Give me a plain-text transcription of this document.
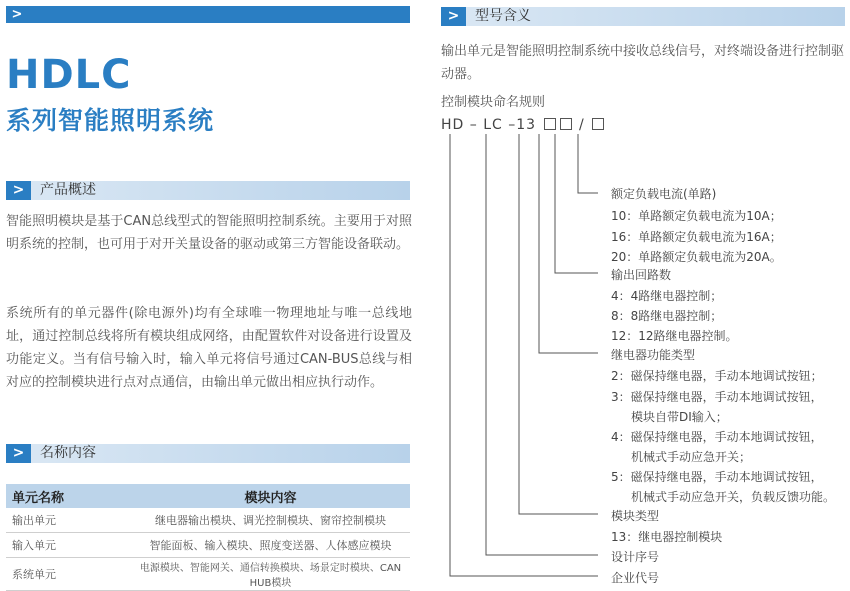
>
HDLC
系列智能照明系统
>	产品概述
智能照明模块是基于CAN总线型式的智能照明控制系统。主要用于对照明系统的控制，也可用于对开关量设备的驱动或第三方智能设备联动。
系统所有的单元器件(除电源外)均有全球唯一物理地址与唯一总线地址，通过控制总线将所有模块组成网络，由配置软件对设备进行设置及功能定义。当有信号输入时，输入单元将信号通过CAN-BUS总线与相对应的控制模块进行点对点通信，由输出单元做出相应执行动作。
>	名称内容
单元名称	模块内容
输出单元	继电器输出模块、调光控制模块、窗帘控制模块
输入单元	智能面板、输入模块、照度变送器、人体感应模块
系统单元	电源模块、智能网关、通信转换模块、场景定时模块、CAN HUB模块
>	型号含义
输出单元是智能照明控制系统中接收总线信号，对终端设备进行控制驱动器。
控制模块命名规则
HD – LC –13	/
额定负载电流(单路)
10：单路额定负载电流为10A；
16：单路额定负载电流为16A；
20：单路额定负载电流为20A。
输出回路数
4：4路继电器控制；
8：8路继电器控制；
12：12路继电器控制。
继电器功能类型
2：磁保持继电器，手动本地调试按钮；
3：磁保持继电器，手动本地调试按钮，
模块自带DI输入；
4：磁保持继电器，手动本地调试按钮，
机械式手动应急开关；
5：磁保持继电器，手动本地调试按钮，
机械式手动应急开关，负载反馈功能。
模块类型
13：继电器控制模块
设计序号
企业代号
